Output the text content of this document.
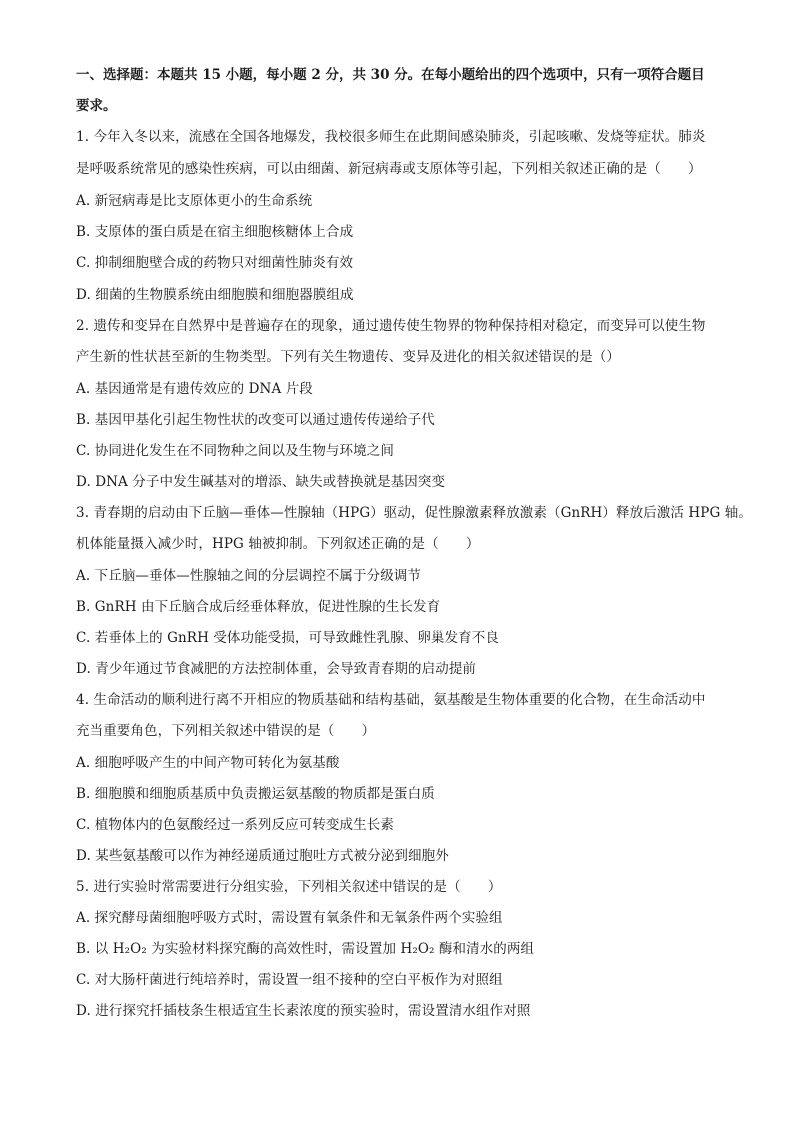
一、选择题：本题共 15 小题，每小题 2 分，共 30 分。在每小题给出的四个选项中，只有一项符合题目
要求。
1. 今年入冬以来，流感在全国各地爆发，我校很多师生在此期间感染肺炎，引起咳嗽、发烧等症状。肺炎
是呼吸系统常见的感染性疾病，可以由细菌、新冠病毒或支原体等引起，下列相关叙述正确的是（　　）
A. 新冠病毒是比支原体更小的生命系统
B. 支原体的蛋白质是在宿主细胞核糖体上合成
C. 抑制细胞壁合成的药物只对细菌性肺炎有效
D. 细菌的生物膜系统由细胞膜和细胞器膜组成
2. 遗传和变异在自然界中是普遍存在的现象，通过遗传使生物界的物种保持相对稳定，而变异可以使生物
产生新的性状甚至新的生物类型。下列有关生物遗传、变异及进化的相关叙述错误的是（）
A. 基因通常是有遗传效应的 DNA 片段
B. 基因甲基化引起生物性状的改变可以通过遗传传递给子代
C. 协同进化发生在不同物种之间以及生物与环境之间
D. DNA 分子中发生碱基对的增添、缺失或替换就是基因突变
3. 青春期的启动由下丘脑—垂体—性腺轴（HPG）驱动，促性腺激素释放激素（GnRH）释放后激活 HPG 轴。
机体能量摄入减少时，HPG 轴被抑制。下列叙述正确的是（　　）
A. 下丘脑—垂体—性腺轴之间的分层调控不属于分级调节
B. GnRH 由下丘脑合成后经垂体释放，促进性腺的生长发育
C. 若垂体上的 GnRH 受体功能受损，可导致雌性乳腺、卵巢发育不良
D. 青少年通过节食减肥的方法控制体重，会导致青春期的启动提前
4. 生命活动的顺利进行离不开相应的物质基础和结构基础，氨基酸是生物体重要的化合物，在生命活动中
充当重要角色，下列相关叙述中错误的是（　　）
A. 细胞呼吸产生的中间产物可转化为氨基酸
B. 细胞膜和细胞质基质中负责搬运氨基酸的物质都是蛋白质
C. 植物体内的色氨酸经过一系列反应可转变成生长素
D. 某些氨基酸可以作为神经递质通过胞吐方式被分泌到细胞外
5. 进行实验时常需要进行分组实验，下列相关叙述中错误的是（　　）
A. 探究酵母菌细胞呼吸方式时，需设置有氧条件和无氧条件两个实验组
B. 以 H₂O₂ 为实验材料探究酶的高效性时，需设置加 H₂O₂ 酶和清水的两组
C. 对大肠杆菌进行纯培养时，需设置一组不接种的空白平板作为对照组
D. 进行探究扦插枝条生根适宜生长素浓度的预实验时，需设置清水组作对照
